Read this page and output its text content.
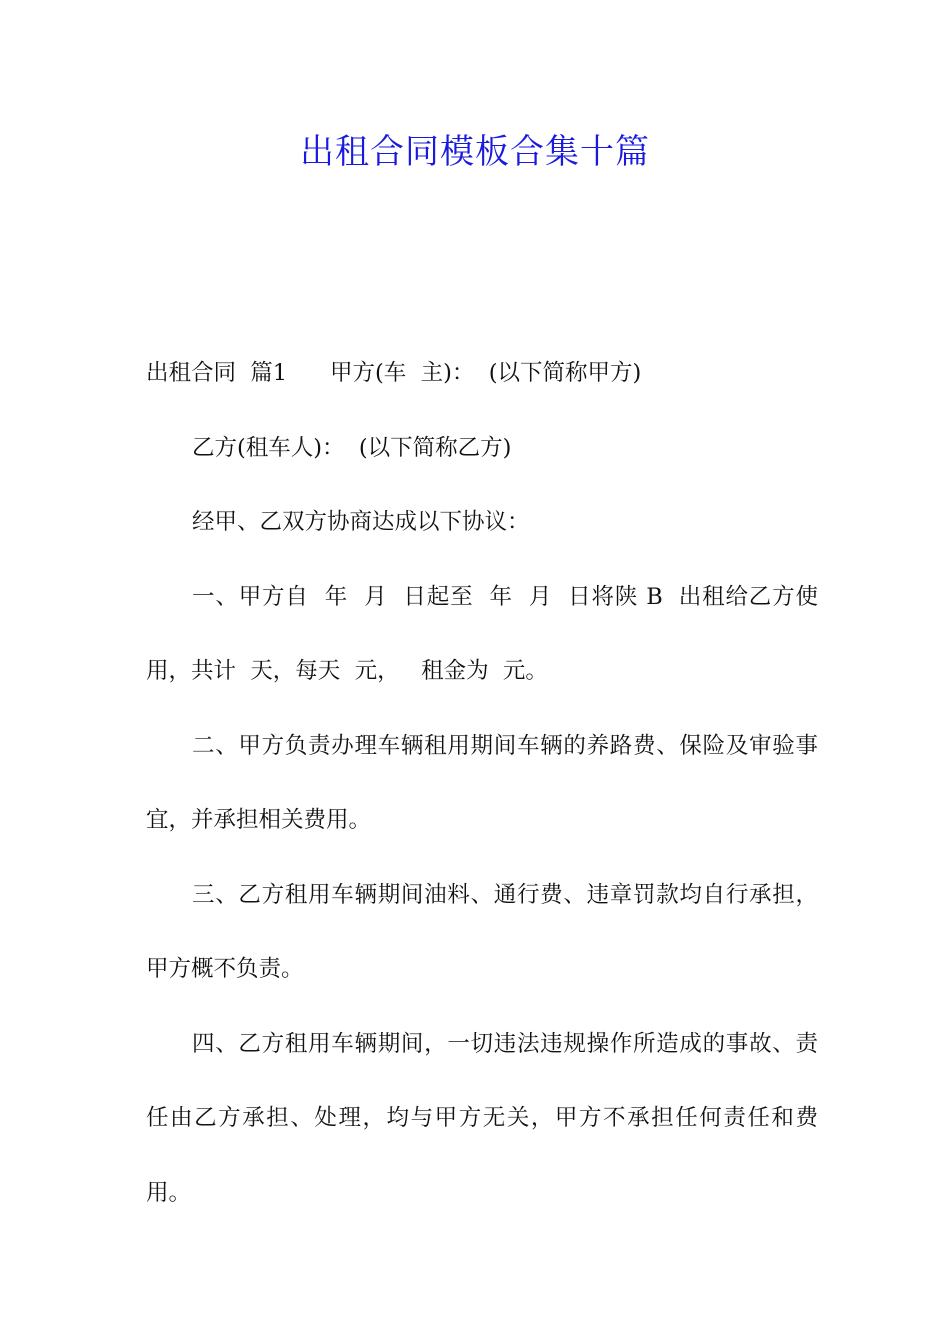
出租合同模板合集十篇

出租合同  篇1      甲方(车  主)：  (以下简称甲方)

乙方(租车人)：  (以下简称乙方)

经甲、乙双方协商达成以下协议：

一、甲方自  年  月  日起至  年  月  日将陕 B  出租给乙方使用，共计  天，每天  元，   租金为  元。

二、甲方负责办理车辆租用期间车辆的养路费、保险及审验事宜，并承担相关费用。

三、乙方租用车辆期间油料、通行费、违章罚款均自行承担，甲方概不负责。

四、乙方租用车辆期间，一切违法违规操作所造成的事故、责任由乙方承担、处理，均与甲方无关，甲方不承担任何责任和费用。
